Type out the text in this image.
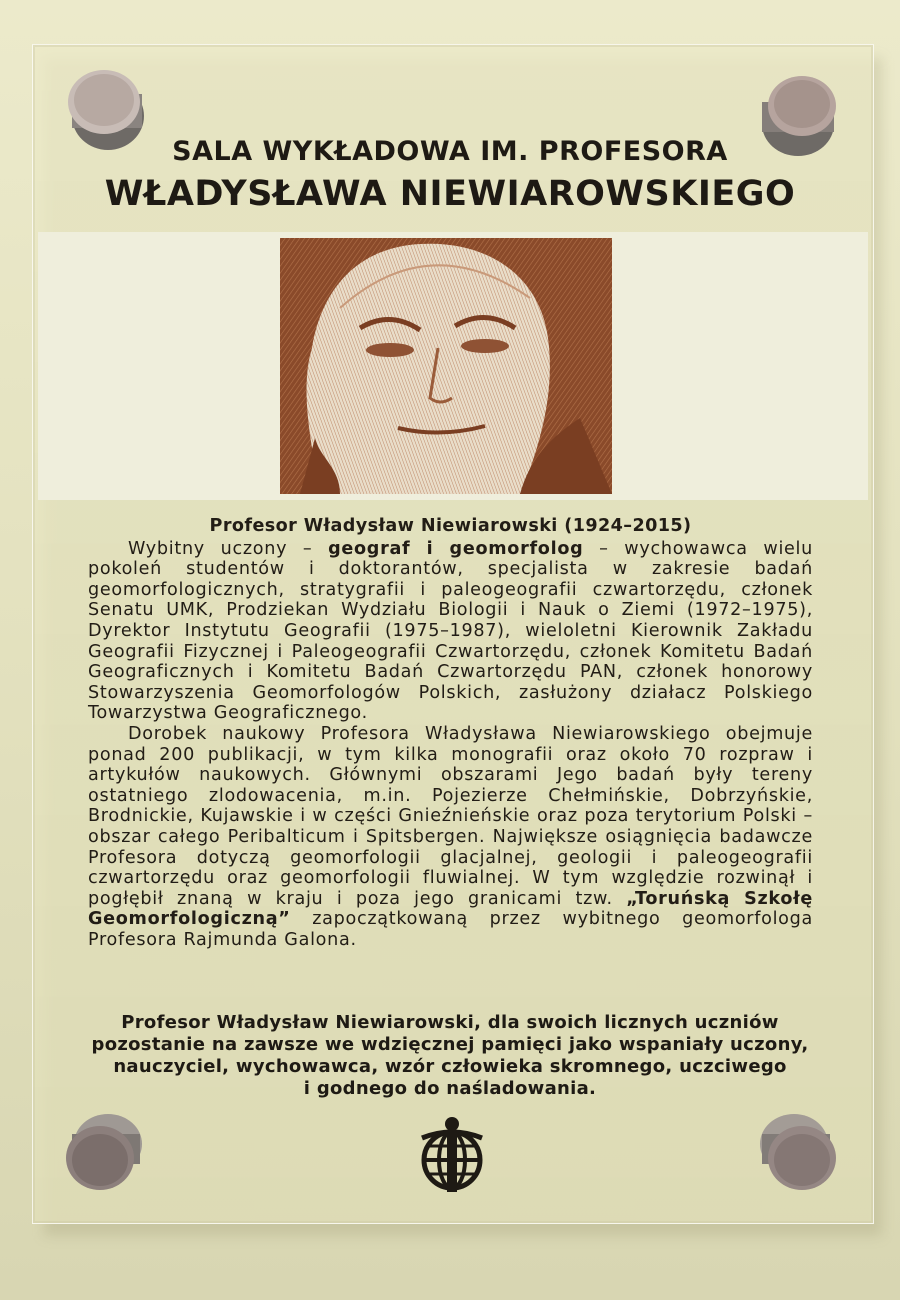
SALA WYKŁADOWA IM. PROFESORA
WŁADYSŁAWA NIEWIAROWSKIEGO
Profesor Władysław Niewiarowski (1924–2015)

Wybitny uczony – geograf i geomorfolog – wychowawca wielu pokoleń studentów i doktorantów, specjalista w zakresie badań geomorfologicznych, stratygrafii i paleogeografii czwartorzędu, członek Senatu UMK, Prodziekan Wydziału Biologii i Nauk o Ziemi (1972–1975), Dyrektor Instytutu Geografii (1975–1987), wieloletni Kierownik Zakładu Geografii Fizycznej i Paleogeografii Czwartorzędu, członek Komitetu Badań Geograficznych i Komitetu Badań Czwartorzędu PAN, członek honorowy Stowarzyszenia Geomorfologów Polskich, zasłużony działacz Polskiego Towarzystwa Geograficznego.

Dorobek naukowy Profesora Władysława Niewiarowskiego obejmuje ponad 200 publikacji, w tym kilka monografii oraz około 70 rozpraw i artykułów naukowych. Głównymi obszarami Jego badań były tereny ostatniego zlodowacenia, m.in. Pojezierze Chełmińskie, Dobrzyńskie, Brodnickie, Kujawskie i w części Gnieźnieńskie oraz poza terytorium Polski – obszar całego Peribalticum i Spitsbergen. Największe osiągnięcia badawcze Profesora dotyczą geomorfologii glacjalnej, geologii i paleogeografii czwartorzędu oraz geomorfologii fluwialnej. W tym względzie rozwinął i pogłębił znaną w kraju i poza jego granicami tzw. „Toruńską Szkołę Geomorfologiczną” zapoczątkowaną przez wybitnego geomorfologa Profesora Rajmunda Galona.

Profesor Władysław Niewiarowski, dla swoich licznych uczniów
pozostanie na zawsze we wdzięcznej pamięci jako wspaniały uczony,
nauczyciel, wychowawca, wzór człowieka skromnego, uczciwego
i godnego do naśladowania.
